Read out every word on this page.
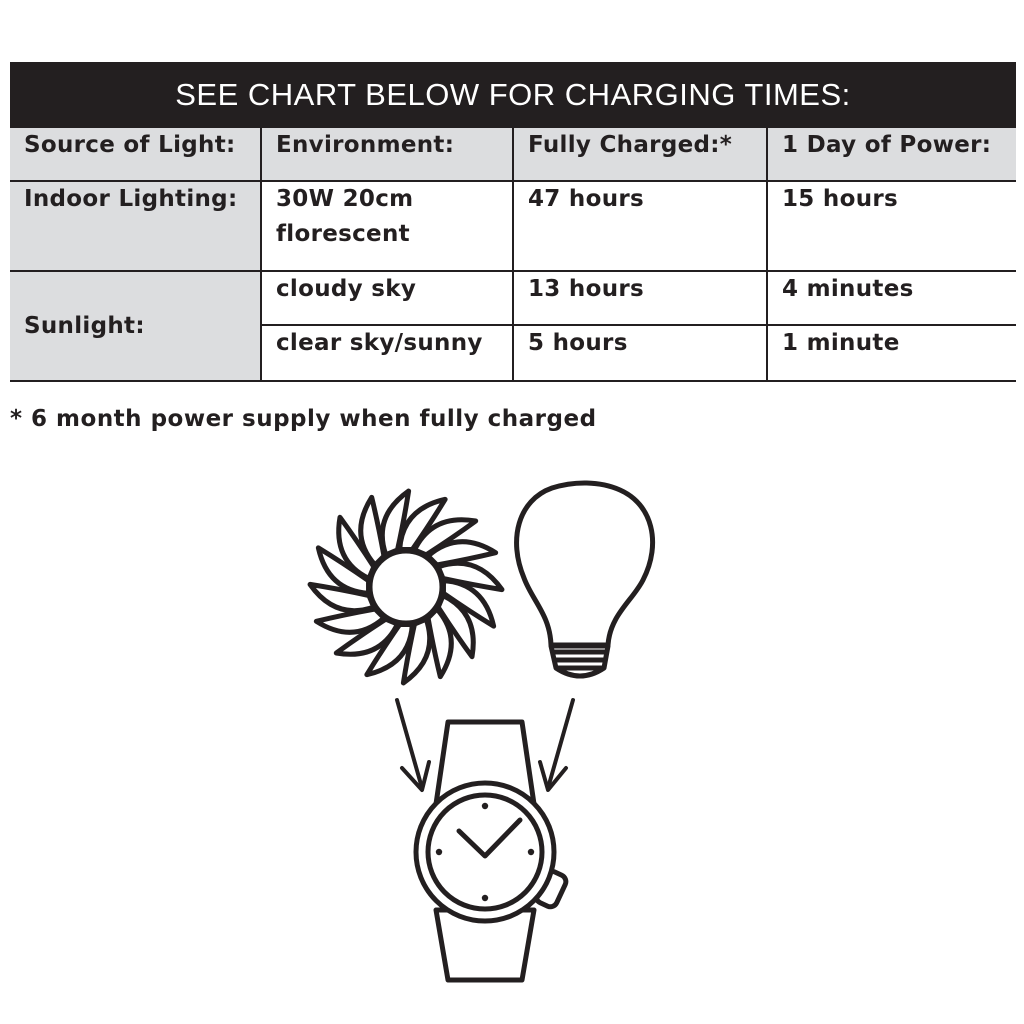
SEE CHART BELOW FOR CHARGING TIMES:
Source of Light:	Environment:	Fully Charged:*	1 Day of Power:
Indoor Lighting:	30W 20cm florescent	47 hours	15 hours
Sunlight:	cloudy sky	13 hours	4 minutes
	clear sky/sunny	5 hours	1 minute
* 6 month power supply when fully charged
